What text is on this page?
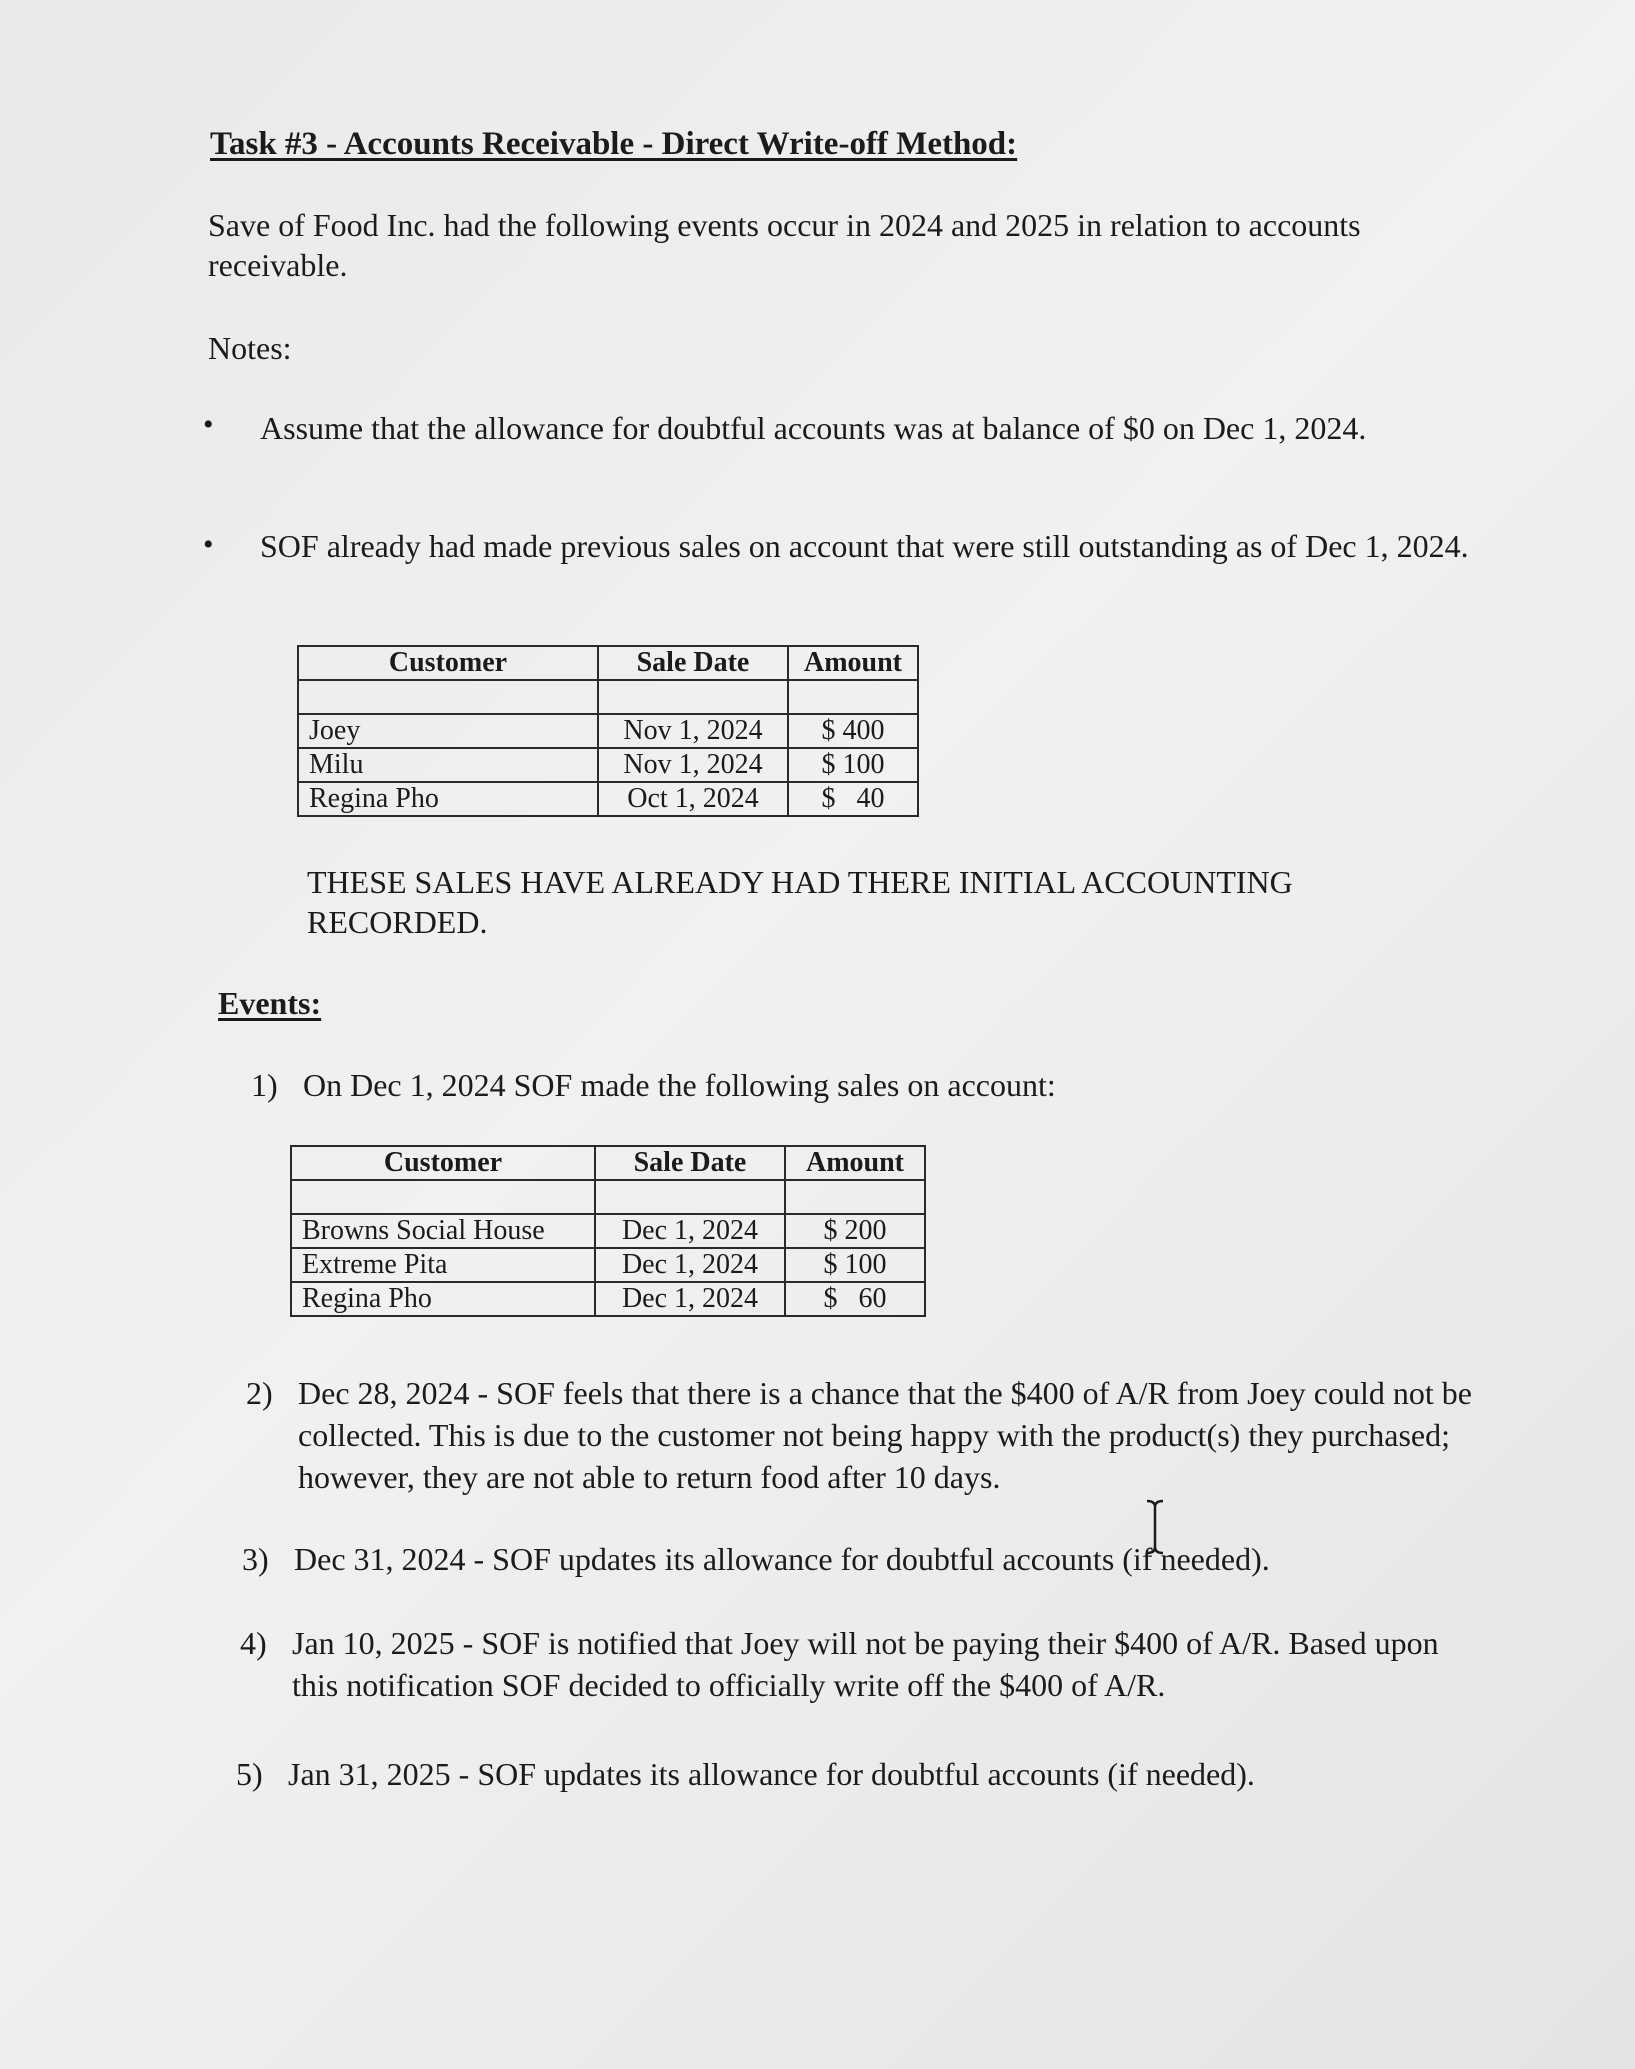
Task #3 - Accounts Receivable - Direct Write-off Method:

Save of Food Inc. had the following events occur in 2024 and 2025 in relation to accounts receivable.

Notes:

• Assume that the allowance for doubtful accounts was at balance of $0 on Dec 1, 2024.

• SOF already had made previous sales on account that were still outstanding as of Dec 1, 2024.

Customer	Sale Date	Amount

Joey	Nov 1, 2024	$ 400
Milu	Nov 1, 2024	$ 100
Regina Pho	Oct 1, 2024	$   40

THESE SALES HAVE ALREADY HAD THERE INITIAL ACCOUNTING RECORDED.

Events:
1) On Dec 1, 2024 SOF made the following sales on account:
Customer	Sale Date	Amount

Browns Social House	Dec 1, 2024	$ 200
Extreme Pita	Dec 1, 2024	$ 100
Regina Pho	Dec 1, 2024	$   60
2) Dec 28, 2024 - SOF feels that there is a chance that the $400 of A/R from Joey could not be collected. This is due to the customer not being happy with the product(s) they purchased; however, they are not able to return food after 10 days.
3) Dec 31, 2024 - SOF updates its allowance for doubtful accounts (if needed).
4) Jan 10, 2025 - SOF is notified that Joey will not be paying their $400 of A/R. Based upon this notification SOF decided to officially write off the $400 of A/R.
5) Jan 31, 2025 - SOF updates its allowance for doubtful accounts (if needed).
